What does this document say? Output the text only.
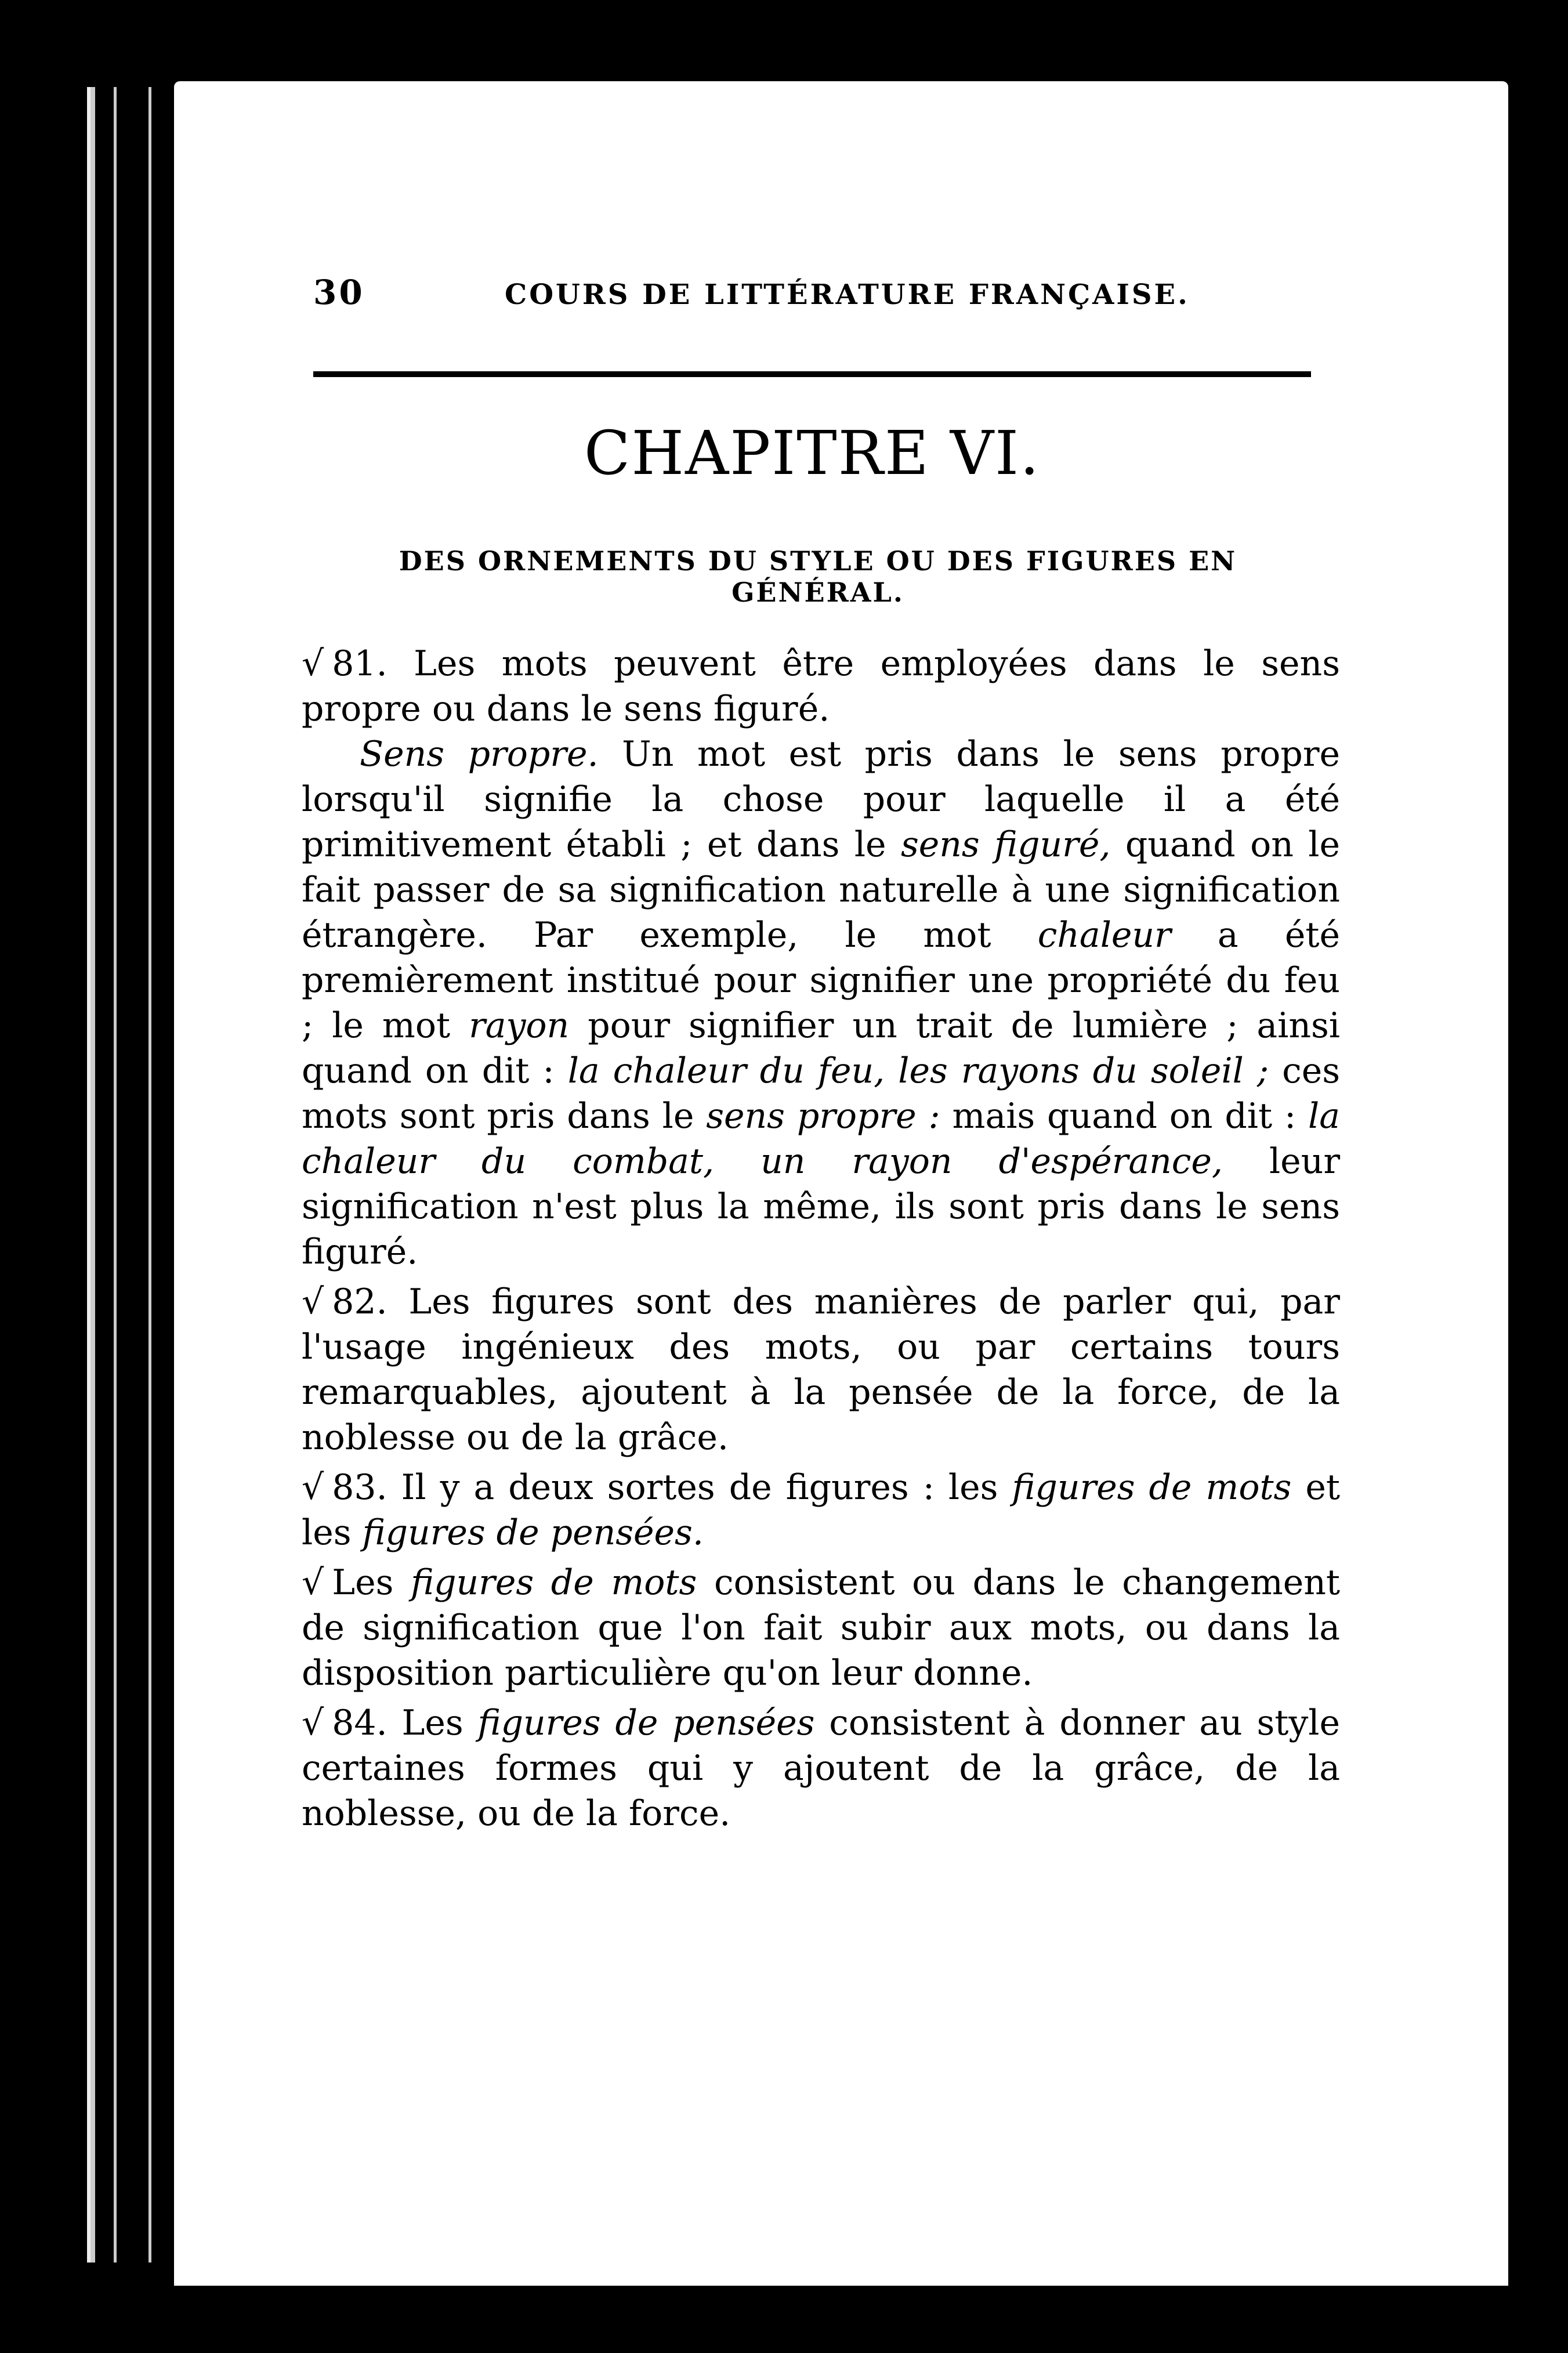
30	COURS DE LITTÉRATURE FRANÇAISE.
CHAPITRE VI.
DES ORNEMENTS DU STYLE OU DES FIGURES EN GÉNÉRAL.

√ 81. Les mots peuvent être employées dans le sens propre ou dans le sens figuré.

Sens propre. Un mot est pris dans le sens propre lorsqu'il signifie la chose pour laquelle il a été primitivement établi ; et dans le sens figuré, quand on le fait passer de sa signification naturelle à une signification étrangère. Par exemple, le mot chaleur a été premièrement institué pour signifier une propriété du feu ; le mot rayon pour signifier un trait de lumière ; ainsi quand on dit : la chaleur du feu, les rayons du soleil ; ces mots sont pris dans le sens propre : mais quand on dit : la chaleur du combat, un rayon d'espérance, leur signification n'est plus la même, ils sont pris dans le sens figuré.

√ 82. Les figures sont des manières de parler qui, par l'usage ingénieux des mots, ou par certains tours remarquables, ajoutent à la pensée de la force, de la noblesse ou de la grâce.

√ 83. Il y a deux sortes de figures : les figures de mots et les figures de pensées.

√ Les figures de mots consistent ou dans le changement de signification que l'on fait subir aux mots, ou dans la disposition particulière qu'on leur donne.

√ 84. Les figures de pensées consistent à donner au style certaines formes qui y ajoutent de la grâce, de la noblesse, ou de la force.
